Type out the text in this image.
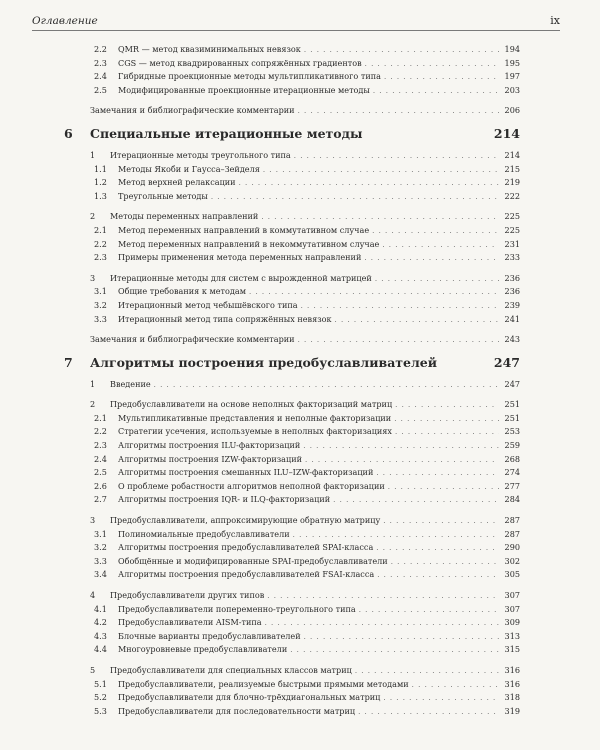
Оглавление	ix
2.2	QMR — метод квазиминимальных невязок . . .	194
2.3	CGS — метод квадрированных сопряжённых градиентов . . .	195
2.4	Гибридные проекционные методы мультипликативного типа . . .	197
2.5	Модифицированные проекционные итерационные методы . . .	203
Замечания и библиографические комментарии . . .	206
6	Специальные итерационные методы	214
1	Итерационные методы треугольного типа . . .	214
1.1	Методы Якоби и Гаусса–Зейделя . . .	215
1.2	Метод верхней релаксации . . .	219
1.3	Треугольные методы . . .	222
2	Методы переменных направлений . . .	225
2.1	Метод переменных направлений в коммутативном случае . . .	225
2.2	Метод переменных направлений в некоммутативном случае . . .	231
2.3	Примеры применения метода переменных направлений . . .	233
3	Итерационные методы для систем с вырожденной матрицей . . .	236
3.1	Общие требования к методам . . .	236
3.2	Итерационный метод чебышёвского типа . . .	239
3.3	Итерационный метод типа сопряжённых невязок . . .	241
Замечания и библиографические комментарии . . .	243
7	Алгоритмы построения предобуславливателей	247
1	Введение . . .	247
2	Предобуславливатели на основе неполных факторизаций матриц . . .	251
2.1	Мультипликативные представления и неполные факторизации . . .	251
2.2	Стратегии усечения, используемые в неполных факторизациях . . .	253
2.3	Алгоритмы построения ILU-факторизаций . . .	259
2.4	Алгоритмы построения IZW-факторизаций . . .	268
2.5	Алгоритмы построения смешанных ILU–IZW-факторизаций . . .	274
2.6	О проблеме робастности алгоритмов неполной факторизации . . .	277
2.7	Алгоритмы построения IQR- и ILQ-факторизаций . . .	284
3	Предобуславливатели, аппроксимирующие обратную матрицу . . .	287
3.1	Полиномиальные предобуславливатели . . .	287
3.2	Алгоритмы построения предобуславливателей SPAI-класса . . .	290
3.3	Обобщённые и модифицированные SPAI-предобуславливатели . . .	302
3.4	Алгоритмы построения предобуславливателей FSAI-класса . . .	305
4	Предобуславливатели других типов . . .	307
4.1	Предобуславливатели попеременно-треугольного типа . . .	307
4.2	Предобуславливатели AISM-типа . . .	309
4.3	Блочные варианты предобуславливателей . . .	313
4.4	Многоуровневые предобуславливатели . . .	315
5	Предобуславливатели для специальных классов матриц . . .	316
5.1	Предобуславливатели, реализуемые быстрыми прямыми методами . . .	316
5.2	Предобуславливатели для блочно-трёхдиагональных матриц . . .	318
5.3	Предобуславливатели для последовательности матриц . . .	319
